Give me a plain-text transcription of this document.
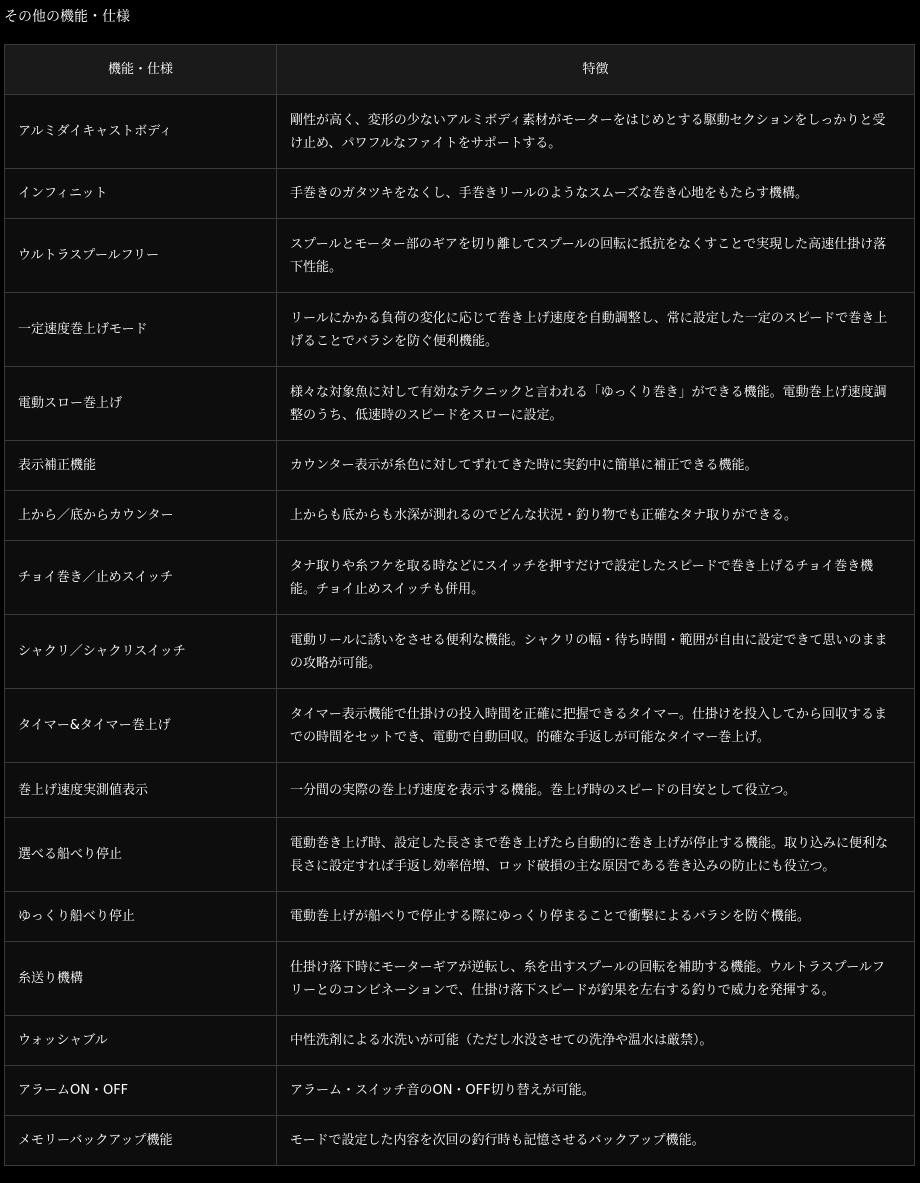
その他の機能・仕様
機能・仕様	特徴
アルミダイキャストボディ	剛性が高く、変形の少ないアルミボディ素材がモーターをはじめとする駆動セクションをしっかりと受け止め、パワフルなファイトをサポートする。
インフィニット	手巻きのガタツキをなくし、手巻きリールのようなスムーズな巻き心地をもたらす機構。
ウルトラスプールフリー	スプールとモーター部のギアを切り離してスプールの回転に抵抗をなくすことで実現した高速仕掛け落下性能。
一定速度巻上げモード	リールにかかる負荷の変化に応じて巻き上げ速度を自動調整し、常に設定した一定のスピードで巻き上げることでバラシを防ぐ便利機能。
電動スロー巻上げ	様々な対象魚に対して有効なテクニックと言われる「ゆっくり巻き」ができる機能。電動巻上げ速度調整のうち、低速時のスピードをスローに設定。
表示補正機能	カウンター表示が糸色に対してずれてきた時に実釣中に簡単に補正できる機能。
上から／底からカウンター	上からも底からも水深が測れるのでどんな状況・釣り物でも正確なタナ取りができる。
チョイ巻き／止めスイッチ	タナ取りや糸フケを取る時などにスイッチを押すだけで設定したスピードで巻き上げるチョイ巻き機能。チョイ止めスイッチも併用。
シャクリ／シャクリスイッチ	電動リールに誘いをさせる便利な機能。シャクリの幅・待ち時間・範囲が自由に設定できて思いのままの攻略が可能。
タイマー&タイマー巻上げ	タイマー表示機能で仕掛けの投入時間を正確に把握できるタイマー。仕掛けを投入してから回収するまでの時間をセットでき、電動で自動回収。的確な手返しが可能なタイマー巻上げ。
巻上げ速度実測値表示	一分間の実際の巻上げ速度を表示する機能。巻上げ時のスピードの目安として役立つ。
選べる船べり停止	電動巻き上げ時、設定した長さまで巻き上げたら自動的に巻き上げが停止する機能。取り込みに便利な長さに設定すれば手返し効率倍増、ロッド破損の主な原因である巻き込みの防止にも役立つ。
ゆっくり船べり停止	電動巻上げが船べりで停止する際にゆっくり停まることで衝撃によるバラシを防ぐ機能。
糸送り機構	仕掛け落下時にモーターギアが逆転し、糸を出すスプールの回転を補助する機能。ウルトラスプールフリーとのコンビネーションで、仕掛け落下スピードが釣果を左右する釣りで威力を発揮する。
ウォッシャブル	中性洗剤による水洗いが可能（ただし水没させての洗浄や温水は厳禁）。
アラームON・OFF	アラーム・スイッチ音のON・OFF切り替えが可能。
メモリーバックアップ機能	モードで設定した内容を次回の釣行時も記憶させるバックアップ機能。
